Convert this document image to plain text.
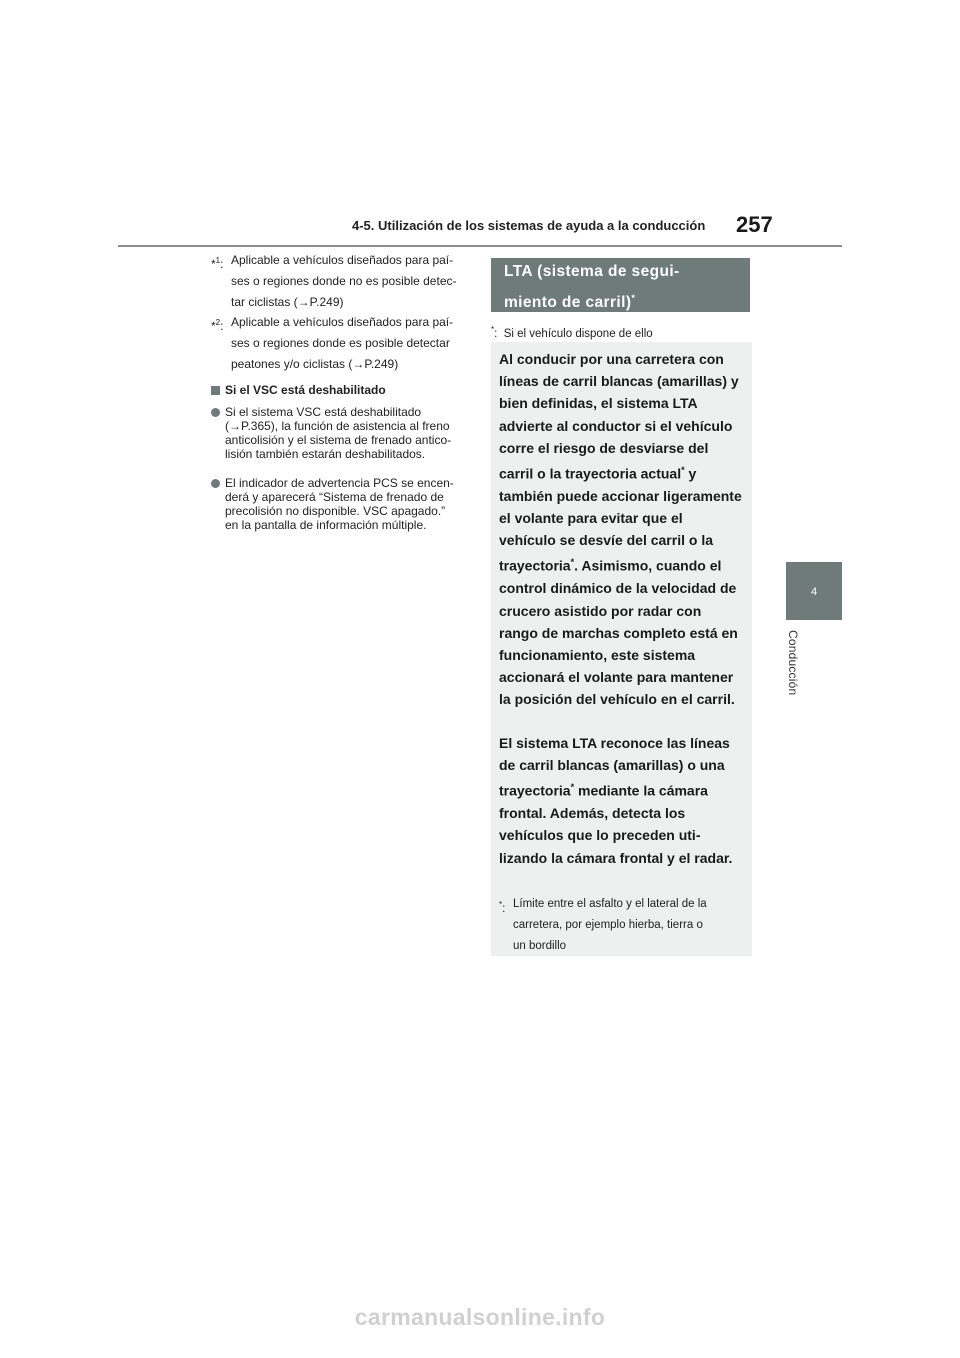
4-5. Utilización de los sistemas de ayuda a la conducción 257
4
Conducción
*$^1$: Aplicable a vehículos diseñados para paí-
ses o regiones donde no es posible detec-
tar ciclistas (→P.249)
*$^2$: Aplicable a vehículos diseñados para paí-
ses o regiones donde es posible detectar
peatones y/o ciclistas (→P.249)
Si el VSC está deshabilitado
Si el sistema VSC está deshabilitado
(→P.365), la función de asistencia al freno
anticolisión y el sistema de frenado antico-
lisión también estarán deshabilitados.
El indicador de advertencia PCS se encen-
derá y aparecerá “Sistema de frenado de
precolisión no disponible. VSC apagado.”
en la pantalla de información múltiple.
LTA (sistema de segui-
miento de carril)*
*:  Si el vehículo dispone de ello
Al conducir por una carretera con líneas de carril blancas (amarillas) y bien definidas, el sistema LTA advierte al conductor si el vehículo corre el riesgo de desviarse del carril o la trayectoria actual* y también puede accionar ligeramente el volante para evitar que el vehículo se desvíe del carril o la trayectoria*. Asimismo, cuando el control dinámico de la velocidad de crucero asistido por radar con rango de marchas completo está en funcionamiento, este sistema accionará el volante para mantener la posición del vehículo en el carril.
El sistema LTA reconoce las líneas de carril blancas (amarillas) o una trayectoria* mediante la cámara frontal. Además, detecta los vehículos que lo preceden utilizando la cámara frontal y el radar.
*: Límite entre el asfalto y el lateral de la
carretera, por ejemplo hierba, tierra o
un bordillo
carmanualsonline.info
